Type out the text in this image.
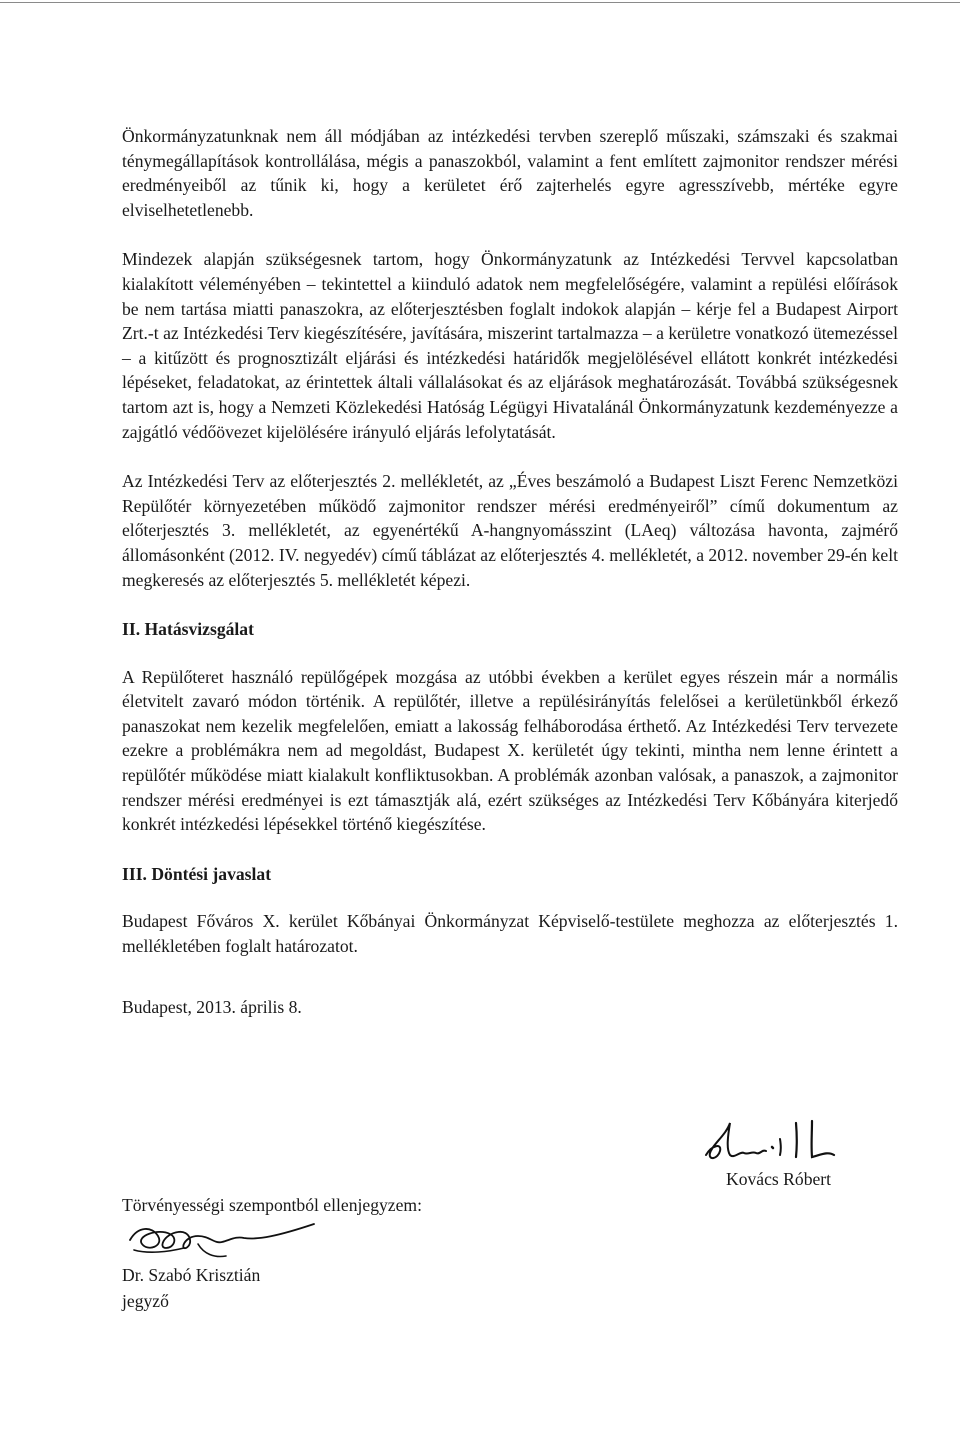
Önkormányzatunknak nem áll módjában az intézkedési tervben szereplő műszaki, számszaki és szakmai ténymegállapítások kontrollálása, mégis a panaszokból, valamint a fent említett zajmonitor rendszer mérési eredményeiből az tűnik ki, hogy a kerületet érő zajterhelés egyre agresszívebb, mértéke egyre elviselhetetlenebb.

Mindezek alapján szükségesnek tartom, hogy Önkormányzatunk az Intézkedési Tervvel kapcsolatban kialakított véleményében – tekintettel a kiinduló adatok nem megfelelőségére, valamint a repülési előírások be nem tartása miatti panaszokra, az előterjesztésben foglalt indokok alapján – kérje fel a Budapest Airport Zrt.-t az Intézkedési Terv kiegészítésére, javítására, miszerint tartalmazza – a kerületre vonatkozó ütemezéssel – a kitűzött és prognosztizált eljárási és intézkedési határidők megjelölésével ellátott konkrét intézkedési lépéseket, feladatokat, az érintettek általi vállalásokat és az eljárások meghatározását. Továbbá szükségesnek tartom azt is, hogy a Nemzeti Közlekedési Hatóság Légügyi Hivatalánál Önkormányzatunk kezdeményezze a zajgátló védőövezet kijelölésére irányuló eljárás lefolytatását.

Az Intézkedési Terv az előterjesztés 2. mellékletét, az „Éves beszámoló a Budapest Liszt Ferenc Nemzetközi Repülőtér környezetében működő zajmonitor rendszer mérési eredményeiről” című dokumentum az előterjesztés 3. mellékletét, az egyenértékű A-hangnyomásszint (LAeq) változása havonta, zajmérő állomásonként (2012. IV. negyedév) című táblázat az előterjesztés 4. mellékletét, a 2012. november 29-én kelt megkeresés az előterjesztés 5. mellékletét képezi.

II. Hatásvizsgálat

A Repülőteret használó repülőgépek mozgása az utóbbi években a kerület egyes részein már a normális életvitelt zavaró módon történik. A repülőtér, illetve a repülésirányítás felelősei a kerületünkből érkező panaszokat nem kezelik megfelelően, emiatt a lakosság felháborodása érthető. Az Intézkedési Terv tervezete ezekre a problémákra nem ad megoldást, Budapest X. kerületét úgy tekinti, mintha nem lenne érintett a repülőtér működése miatt kialakult konfliktusokban. A problémák azonban valósak, a panaszok, a zajmonitor rendszer mérési eredményei is ezt támasztják alá, ezért szükséges az Intézkedési Terv Kőbányára kiterjedő konkrét intézkedési lépésekkel történő kiegészítése.

III. Döntési javaslat

Budapest Főváros X. kerület Kőbányai Önkormányzat Képviselő-testülete meghozza az előterjesztés 1. mellékletében foglalt határozatot.

Budapest, 2013. április 8.
Kovács Róbert
Törvényességi szempontból ellenjegyzem:
Dr. Szabó Krisztián
jegyző
